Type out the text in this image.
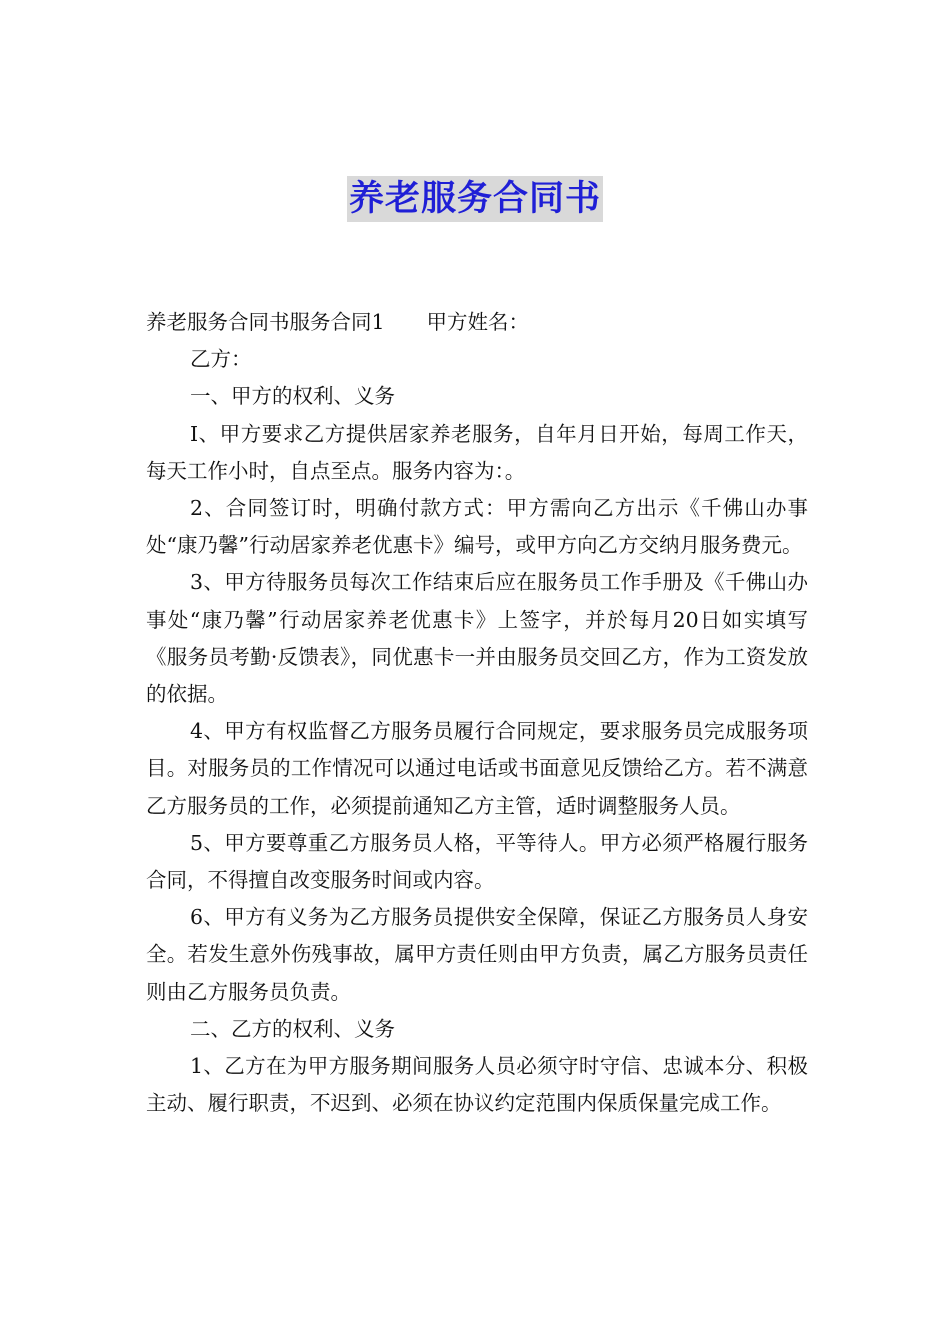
养老服务合同书

养老服务合同书服务合同1 甲方姓名：

乙方：

一、甲方的权利、义务

I、甲方要求乙方提供居家养老服务，自年月日开始，每周工作天，每天工作小时，自点至点。服务内容为：。

2、合同签订时，明确付款方式：甲方需向乙方出示《千佛山办事处“康乃馨”行动居家养老优惠卡》编号，或甲方向乙方交纳月服务费元。

3、甲方待服务员每次工作结束后应在服务员工作手册及《千佛山办事处“康乃馨”行动居家养老优惠卡》上签字，并於每月20日如实填写《服务员考勤·反馈表》，同优惠卡一并由服务员交回乙方，作为工资发放的依据。

4、甲方有权监督乙方服务员履行合同规定，要求服务员完成服务项目。对服务员的工作情况可以通过电话或书面意见反馈给乙方。若不满意乙方服务员的工作，必须提前通知乙方主管，适时调整服务人员。

5、甲方要尊重乙方服务员人格，平等待人。甲方必须严格履行服务合同，不得擅自改变服务时间或内容。

6、甲方有义务为乙方服务员提供安全保障，保证乙方服务员人身安全。若发生意外伤残事故，属甲方责任则由甲方负责，属乙方服务员责任则由乙方服务员负责。

二、乙方的权利、义务

1、乙方在为甲方服务期间服务人员必须守时守信、忠诚本分、积极主动、履行职责，不迟到、必须在协议约定范围内保质保量完成工作。
